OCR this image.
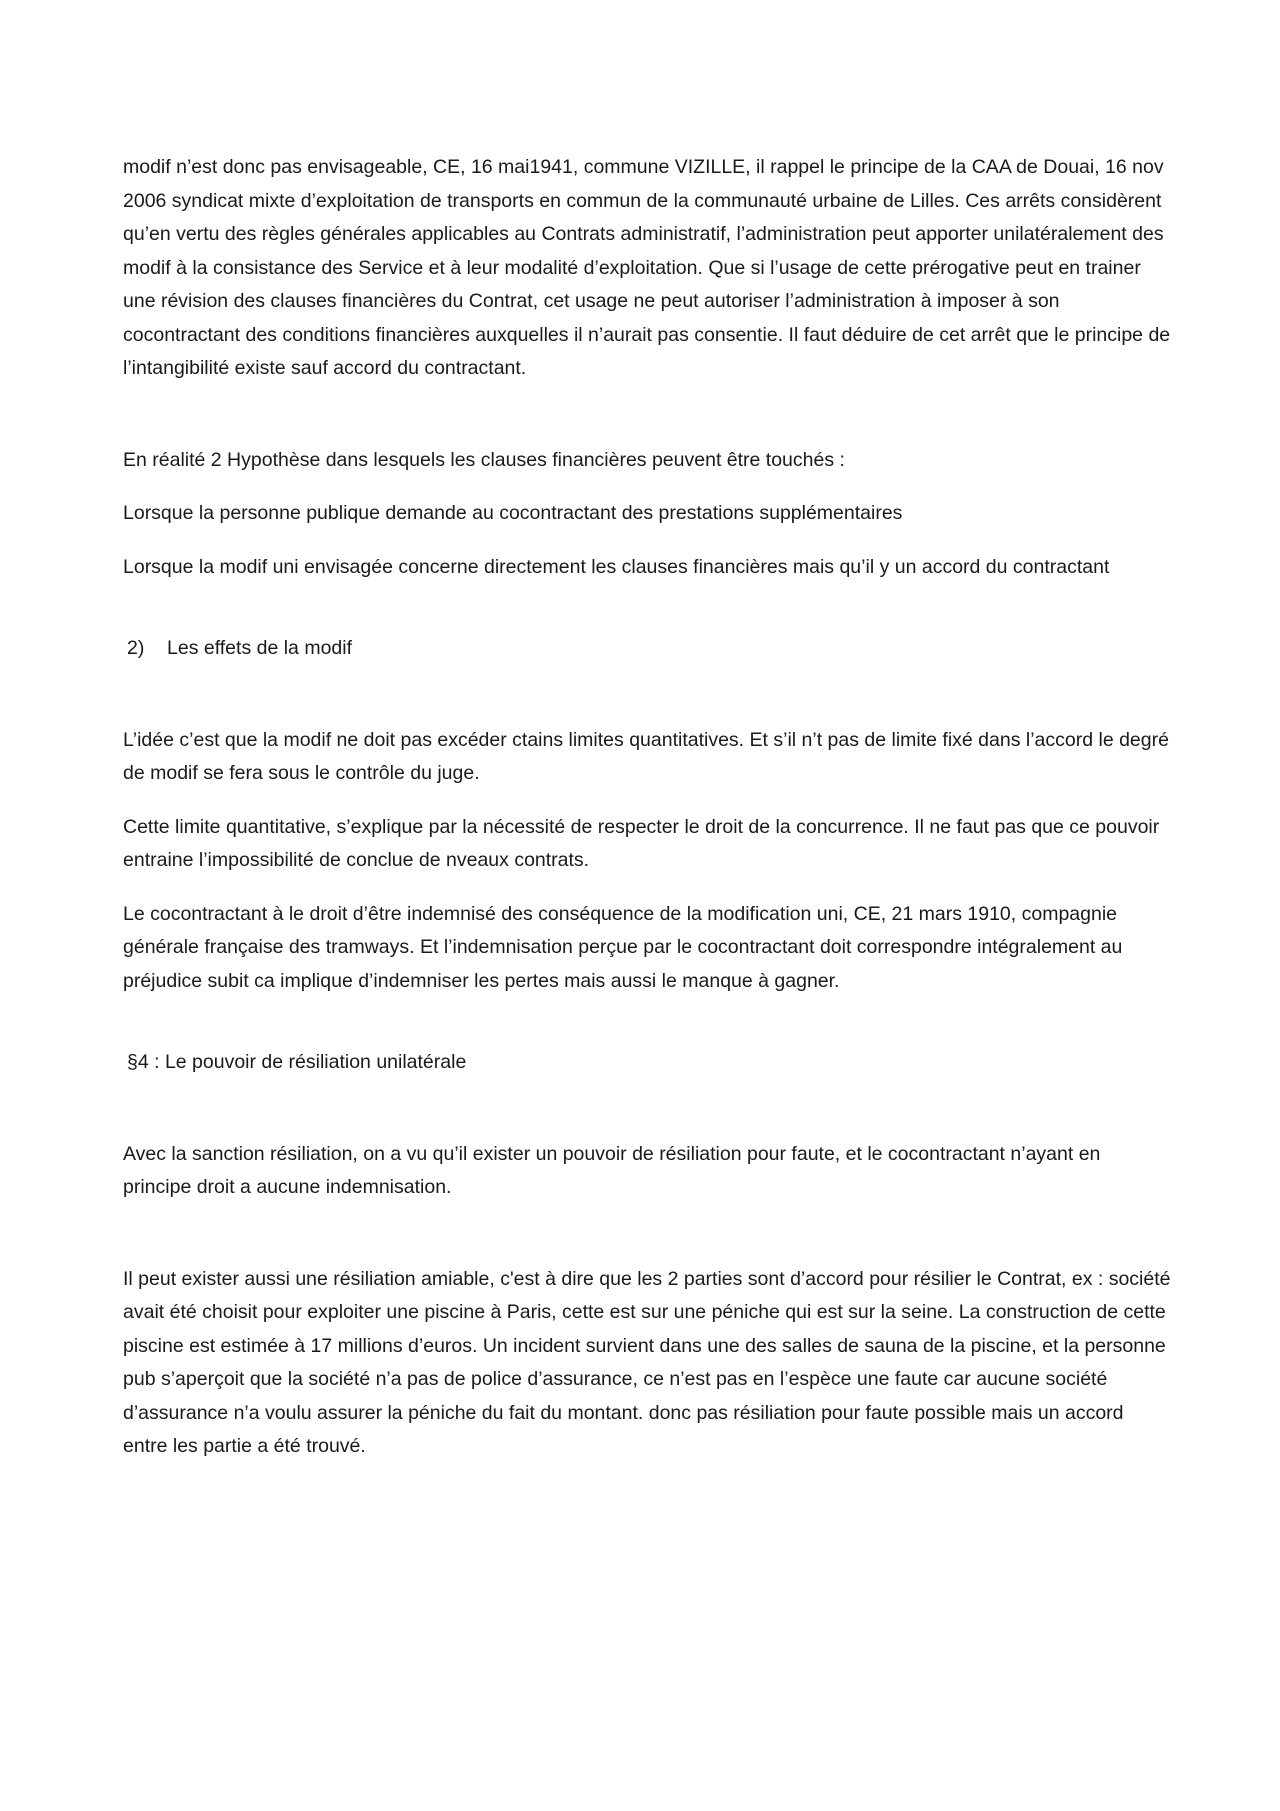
modif n’est donc pas envisageable, CE, 16 mai1941, commune VIZILLE, il rappel le principe de la CAA de Douai, 16 nov 2006 syndicat mixte d’exploitation de transports en commun de la communauté urbaine de Lilles. Ces arrêts considèrent qu’en vertu des règles générales applicables au Contrats administratif, l’administration peut apporter unilatéralement des modif à la consistance des Service et à leur modalité d’exploitation. Que si l’usage de cette prérogative peut en trainer une révision des clauses financières du Contrat, cet usage ne peut autoriser l’administration à imposer à son cocontractant des conditions financières auxquelles il n’aurait pas consentie. Il faut déduire de cet arrêt que le principe de l’intangibilité existe sauf accord du contractant.

En réalité 2 Hypothèse dans lesquels les clauses financières peuvent être touchés :

Lorsque la personne publique demande au cocontractant des prestations supplémentaires

Lorsque la modif uni envisagée concerne directement les clauses financières mais qu’il y un accord du contractant

2) Les effets de la modif

L’idée c’est que la modif ne doit pas excéder ctains limites quantitatives. Et s’il n’t pas de limite fixé dans l’accord le degré de modif se fera sous le contrôle du juge.

Cette limite quantitative, s’explique par la nécessité de respecter le droit de la concurrence. Il ne faut pas que ce pouvoir entraine l’impossibilité de conclue de nveaux contrats.

Le cocontractant à le droit d’être indemnisé des conséquence de la modification uni, CE, 21 mars 1910, compagnie générale française des tramways. Et l’indemnisation perçue par le cocontractant doit correspondre intégralement au préjudice subit ca implique d’indemniser les pertes mais aussi le manque à gagner.

§4 : Le pouvoir de résiliation unilatérale

Avec la sanction résiliation, on a vu qu’il exister un pouvoir de résiliation pour faute, et le cocontractant n’ayant en principe droit a aucune indemnisation.

Il peut exister aussi une résiliation amiable, c'est à dire que les 2 parties sont d’accord pour résilier le Contrat, ex : société avait été choisit pour exploiter une piscine à Paris, cette est sur une péniche qui est sur la seine. La construction de cette piscine est estimée à 17 millions d’euros. Un incident survient dans une des salles de sauna de la piscine, et la personne pub s’aperçoit que la société n’a pas de police d’assurance, ce n’est pas en l’espèce une faute car aucune société d’assurance n’a voulu assurer la péniche du fait du montant. donc pas résiliation pour faute possible mais un accord entre les partie a été trouvé.
